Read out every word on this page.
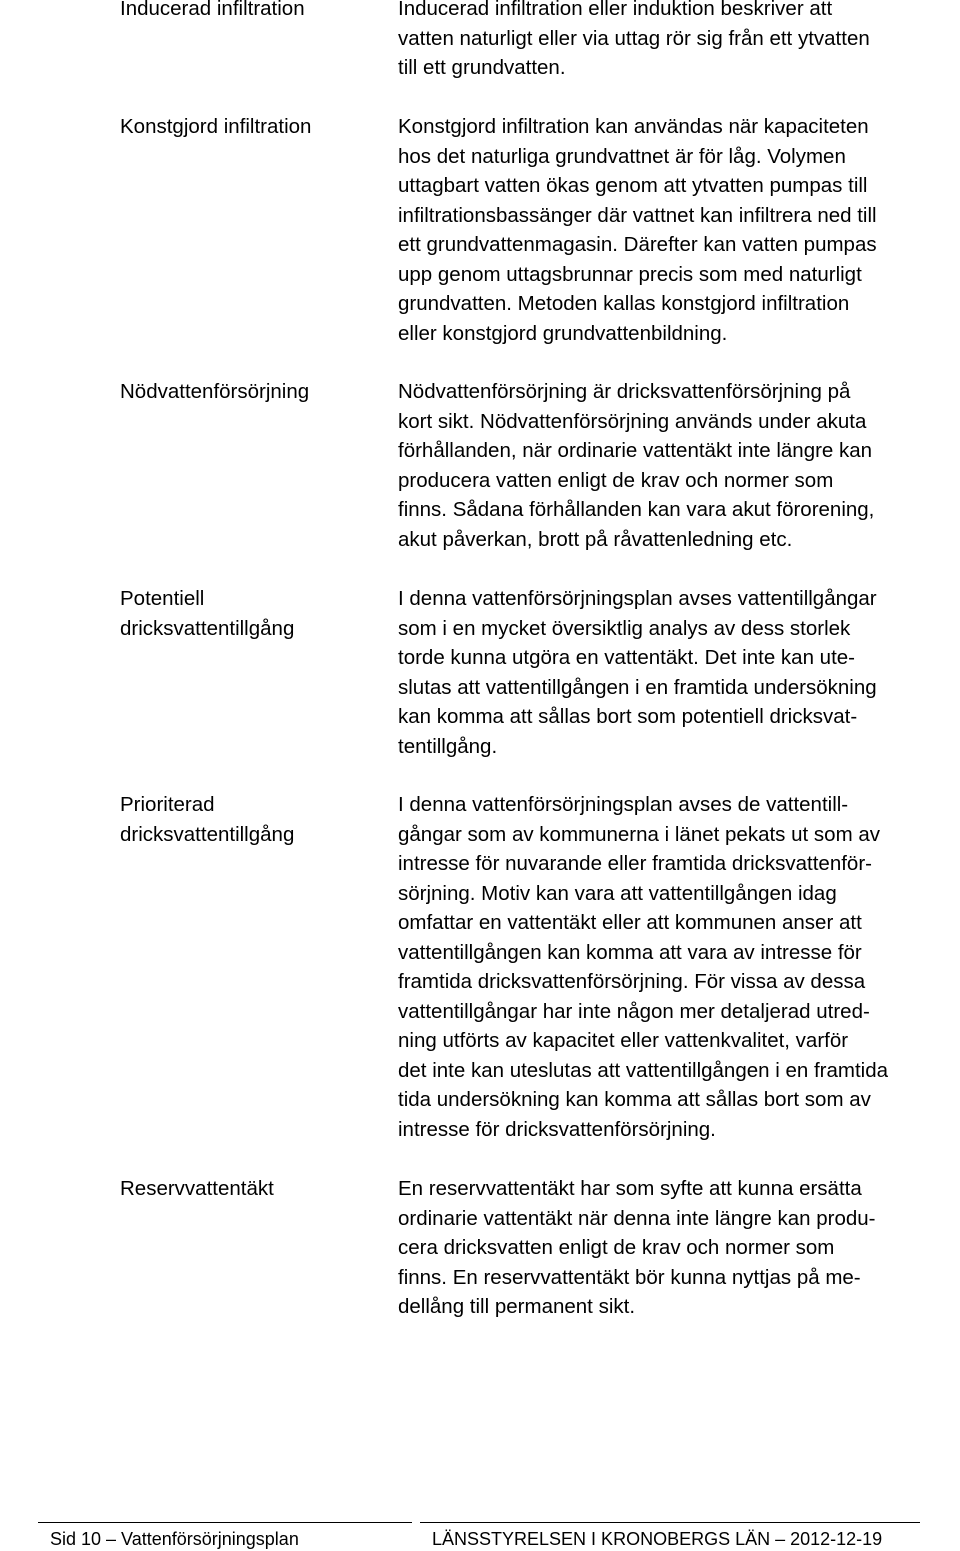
Inducerad infiltration

Konstgjord infiltration

Nödvattenförsörjning

Potentiell
dricksvattentillgång

Prioriterad
dricksvattentillgång

Reservvattentäkt

Inducerad infiltration eller induktion beskriver att
vatten naturligt eller via uttag rör sig från ett ytvatten
till ett grundvatten.

Konstgjord infiltration kan användas när kapaciteten
hos det naturliga grundvattnet är för låg. Volymen
uttagbart vatten ökas genom att ytvatten pumpas till
infiltrationsbassänger där vattnet kan infiltrera ned till
ett grundvattenmagasin. Därefter kan vatten pumpas
upp genom uttagsbrunnar precis som med naturligt
grundvatten. Metoden kallas konstgjord infiltration
eller konstgjord grundvattenbildning.

Nödvattenförsörjning är dricksvattenförsörjning på
kort sikt. Nödvattenförsörjning används under akuta
förhållanden, när ordinarie vattentäkt inte längre kan
producera vatten enligt de krav och normer som
finns. Sådana förhållanden kan vara akut förorening,
akut påverkan, brott på råvattenledning etc.

I denna vattenförsörjningsplan avses vattentillgångar
som i en mycket översiktlig analys av dess storlek
torde kunna utgöra en vattentäkt. Det inte kan ute-
slutas att vattentillgången i en framtida undersökning
kan komma att sållas bort som potentiell dricksvat-
tentillgång.

I denna vattenförsörjningsplan avses de vattentill-
gångar som av kommunerna i länet pekats ut som av
intresse för nuvarande eller framtida dricksvattenför-
sörjning. Motiv kan vara att vattentillgången idag
omfattar en vattentäkt eller att kommunen anser att
vattentillgången kan komma att vara av intresse för
framtida dricksvattenförsörjning. För vissa av dessa
vattentillgångar har inte någon mer detaljerad utred-
ning utförts av kapacitet eller vattenkvalitet, varför
det inte kan uteslutas att vattentillgången i en framtida
tida undersökning kan komma att sållas bort som av
intresse för dricksvattenförsörjning.

En reservvattentäkt har som syfte att kunna ersätta
ordinarie vattentäkt när denna inte längre kan produ-
cera dricksvatten enligt de krav och normer som
finns. En reservvattentäkt bör kunna nyttjas på me-
dellång till permanent sikt.

Sid 10 – Vattenförsörjningsplan	LÄNSSTYRELSEN I KRONOBERGS LÄN – 2012-12-19
